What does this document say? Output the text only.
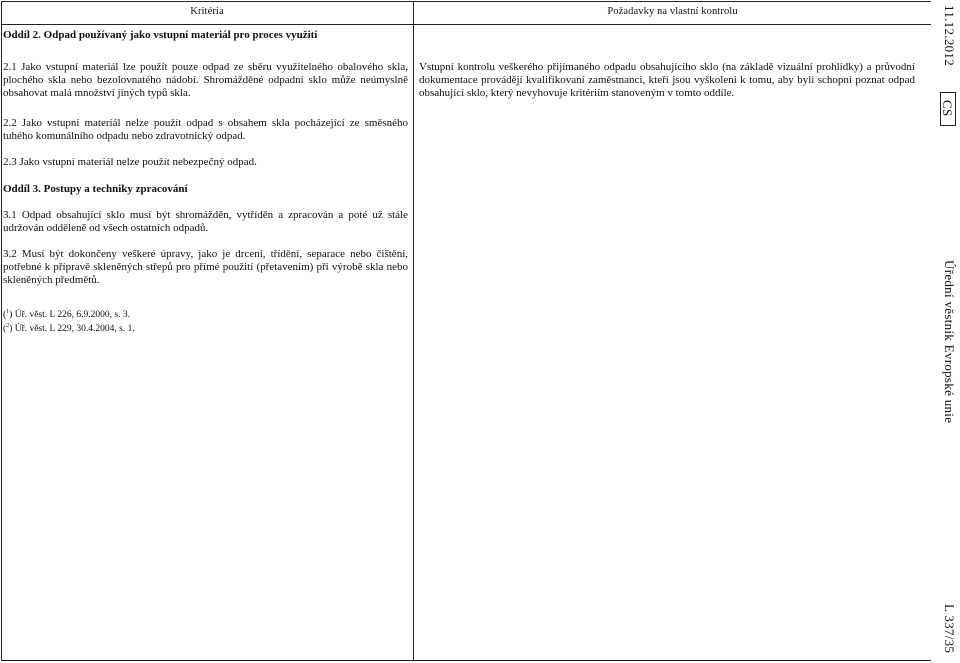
Kritéria	Požadavky na vlastní kontrolu

Oddíl 2. Odpad používaný jako vstupní materiál pro proces využití

2.1 Jako vstupní materiál lze použít pouze odpad ze sběru využitelného obalového skla, plochého skla nebo bezolovnatého nádobí. Shromážděné odpadní sklo může neúmyslně obsahovat malá množství jiných typů skla.

2.2 Jako vstupní materiál nelze použít odpad s obsahem skla pocházející ze směsného tuhého komunálního odpadu nebo zdravotnický odpad.

2.3 Jako vstupní materiál nelze použít nebezpečný odpad.

Oddíl 3. Postupy a techniky zpracování

3.1 Odpad obsahující sklo musí být shromážděn, vytříděn a zpracován a poté už stále udržován odděleně od všech ostatních odpadů.

3.2 Musí být dokončeny veškeré úpravy, jako je drcení, třídění, separace nebo čištění, potřebné k přípravě skleněných střepů pro přímé použití (přetavením) při výrobě skla nebo skleněných předmětů.

($^1$) Úř. věst. L 226, 6.9.2000, s. 3.

($^2$) Úř. věst. L 229, 30.4.2004, s. 1.

Vstupní kontrolu veškerého přijímaného odpadu obsahujícího sklo (na základě vizuální prohlídky) a průvodní dokumentace provádějí kvalifikovaní zaměstnanci, kteří jsou vyškoleni k tomu, aby byli schopni poznat odpad obsahující sklo, který nevyhovuje kritériím stanoveným v tomto oddíle.

11.12.2012
CS
Úřední věstník Evropské unie
L 337/35
